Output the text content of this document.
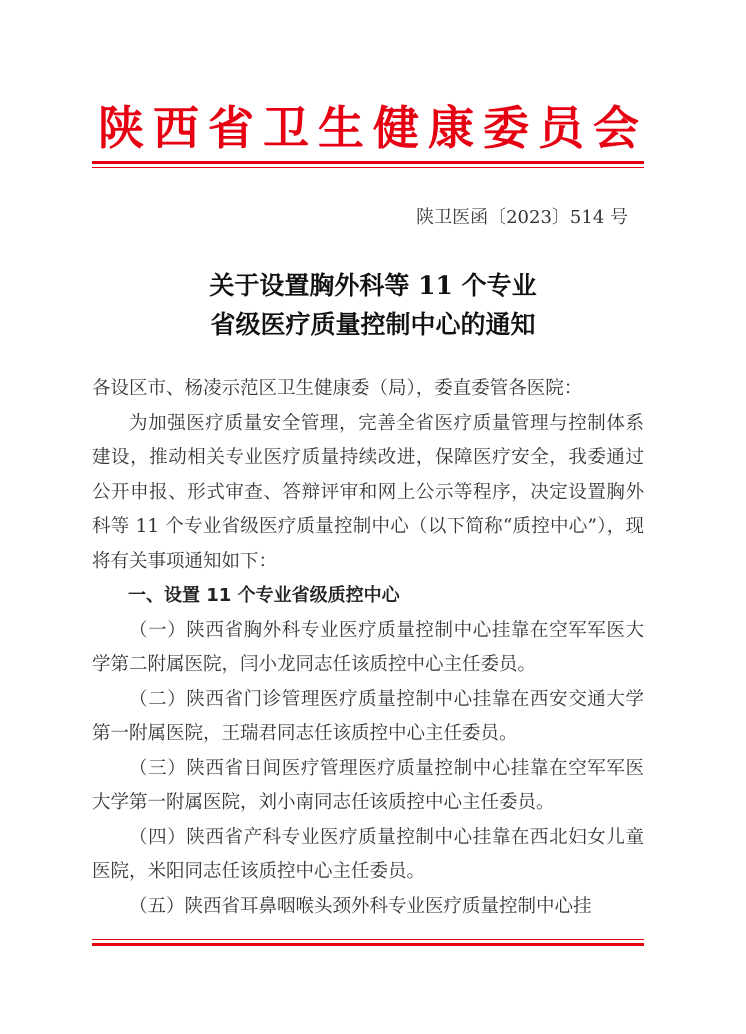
陕西省卫生健康委员会
陕卫医函〔2023〕514 号
关于设置胸外科等 11 个专业
省级医疗质量控制中心的通知

各设区市、杨凌示范区卫生健康委（局），委直委管各医院：

为加强医疗质量安全管理，完善全省医疗质量管理与控制体系建设，推动相关专业医疗质量持续改进，保障医疗安全，我委通过公开申报、形式审查、答辩评审和网上公示等程序，决定设置胸外科等 11 个专业省级医疗质量控制中心（以下简称“质控中心”），现将有关事项通知如下：

一、设置 11 个专业省级质控中心

（一）陕西省胸外科专业医疗质量控制中心挂靠在空军军医大学第二附属医院，闫小龙同志任该质控中心主任委员。

（二）陕西省门诊管理医疗质量控制中心挂靠在西安交通大学第一附属医院，王瑞君同志任该质控中心主任委员。

（三）陕西省日间医疗管理医疗质量控制中心挂靠在空军军医大学第一附属医院，刘小南同志任该质控中心主任委员。

（四）陕西省产科专业医疗质量控制中心挂靠在西北妇女儿童医院，米阳同志任该质控中心主任委员。

（五）陕西省耳鼻咽喉头颈外科专业医疗质量控制中心挂
